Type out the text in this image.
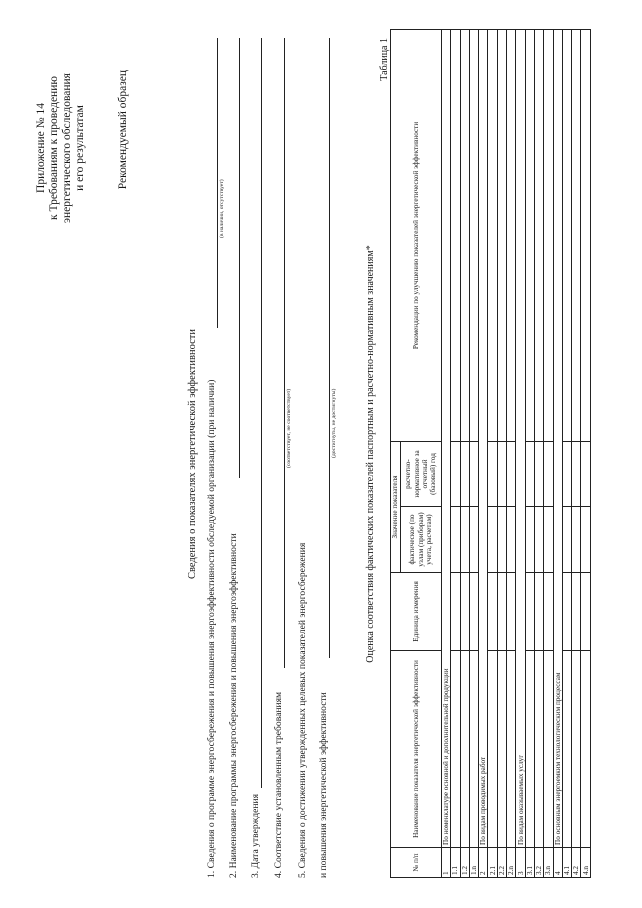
Приложение № 14 к Требованиям к проведению энергетического обследования и его результатам	Рекомендуемый образец
Сведения о показателях энергетической эффективности 1. Сведения о программе энергосбережения и повышения энергоэффективности обследуемой организации (при наличии)
(в наличии, отсутствует)
2. Наименование программы энергосбережения и повышения энергоэффективности 3. Дата утверждения 4. Соответствие установленным требованиям
(соответствует, не соответствует)
5. Сведения о достижении утвержденных целевых показателей энергосбережения и повышения энергетической эффективности
(достигнуты, не достигнуты)	Оценка соответствия фактических показателей паспортным и расчетно-нормативным значениям*
Таблица 1
№ п/п	Наименование показателя энергетической эффективности	Единица измерения	Значение показателя		Рекомендации по улучшению показателей энергетической эффективности
			фактическое (по узлам (приборам) учета, расчетам)	расчетно-нормативное за отчетный (базовый) год	
1	По номенклатуре основной и дополнительной продукции				
1.1					
1.2					
1.n					
2	По видам проводимых работ				
2.1					
2.2					
2.n					
3	По видам оказываемых услуг				
3.1					
3.2					
3.n					
4	По основным энергоемким технологическим процессам				
4.1					
4.2					
4.n					
